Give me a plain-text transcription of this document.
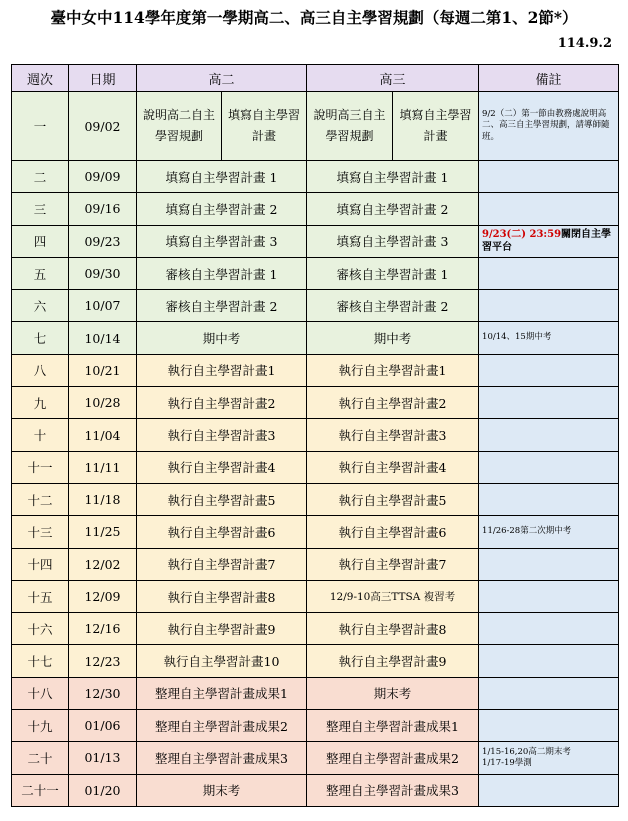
臺中女中114學年度第一學期高二、高三自主學習規劃（每週二第1、2節*）
114.9.2
週次	日期	高二		高三		備註
一	09/02	說明高二自主學習規劃	填寫自主學習計畫	說明高三自主學習規劃	填寫自主學習計畫	9/2（二）第一節由教務處說明高二、高三自主學習規劃，請導師隨班。
二	09/09	填寫自主學習計畫 1		填寫自主學習計畫 1		
三	09/16	填寫自主學習計畫 2		填寫自主學習計畫 2		
四	09/23	填寫自主學習計畫 3		填寫自主學習計畫 3		9/23(二) 23:59關閉自主學習平台
五	09/30	審核自主學習計畫 1		審核自主學習計畫 1		
六	10/07	審核自主學習計畫 2		審核自主學習計畫 2		
七	10/14	期中考		期中考		10/14、15期中考
八	10/21	執行自主學習計畫1		執行自主學習計畫1		
九	10/28	執行自主學習計畫2		執行自主學習計畫2		
十	11/04	執行自主學習計畫3		執行自主學習計畫3		
十一	11/11	執行自主學習計畫4		執行自主學習計畫4		
十二	11/18	執行自主學習計畫5		執行自主學習計畫5		
十三	11/25	執行自主學習計畫6		執行自主學習計畫6		11/26-28第二次期中考
十四	12/02	執行自主學習計畫7		執行自主學習計畫7		
十五	12/09	執行自主學習計畫8		12/9-10高三TTSA 複習考		
十六	12/16	執行自主學習計畫9		執行自主學習計畫8		
十七	12/23	執行自主學習計畫10		執行自主學習計畫9		
十八	12/30	整理自主學習計畫成果1		期末考		
十九	01/06	整理自主學習計畫成果2		整理自主學習計畫成果1		
二十	01/13	整理自主學習計畫成果3		整理自主學習計畫成果2		1/15-16,20高二期末考
1/17-19學測

二十一	01/20	期末考		整理自主學習計畫成果3		
